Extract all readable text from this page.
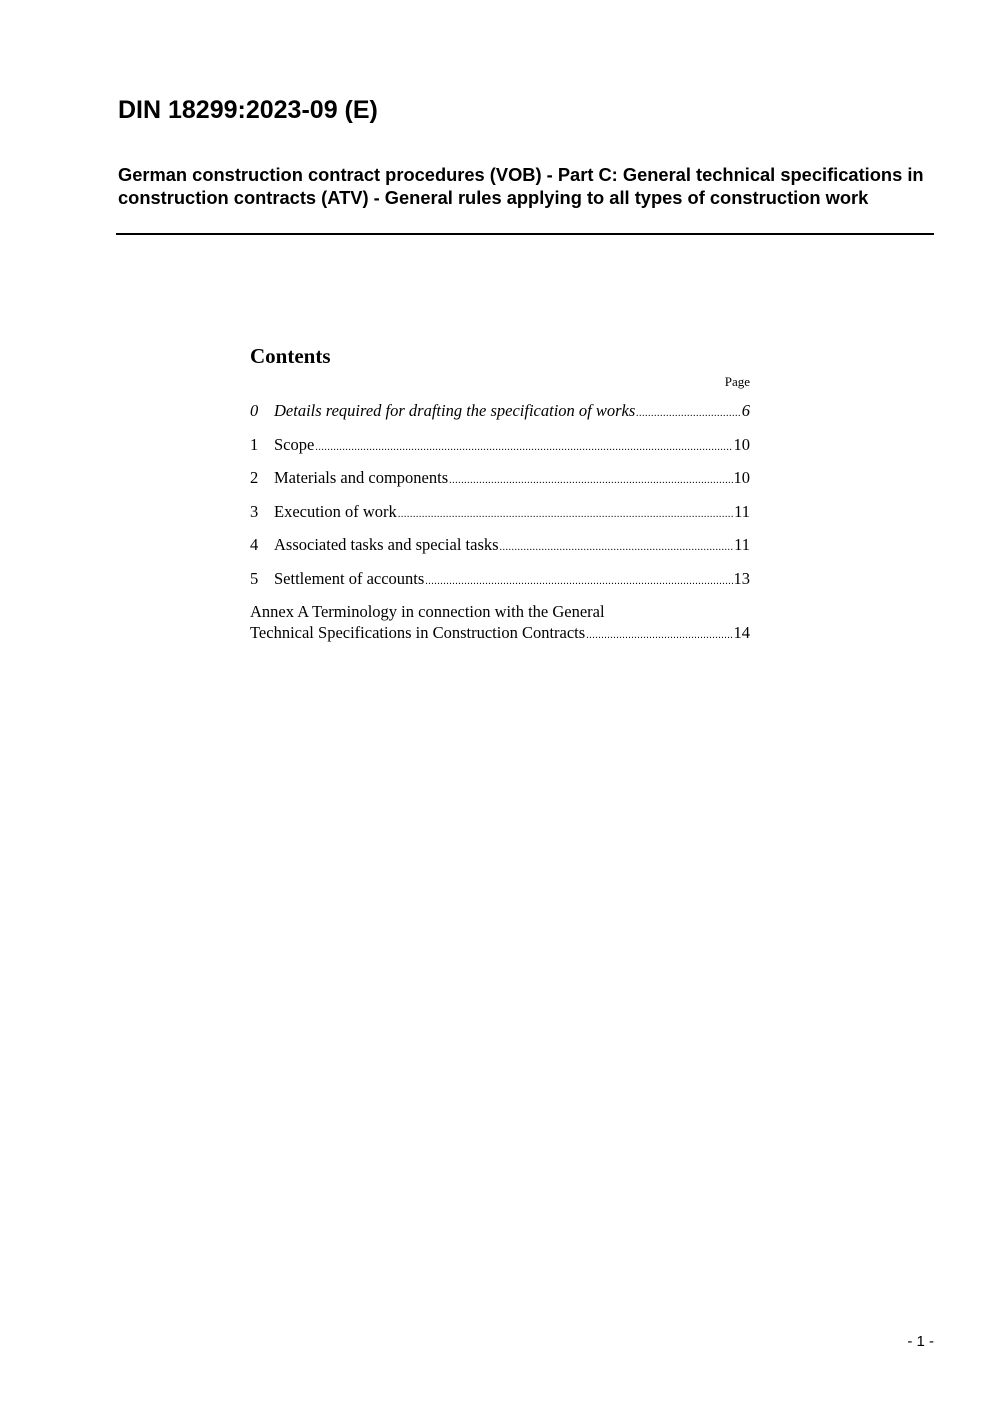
DIN 18299:2023-09 (E)
German construction contract procedures (VOB) - Part C: General technical specifications in construction contracts (ATV) - General rules applying to all types of construction work
Contents
Page
0 Details required for drafting the specification of works .....	6
1 Scope .....	10
2 Materials and components .....	10
3 Execution of work .....	11
4 Associated tasks and special tasks .....	11
5 Settlement of accounts .....	13
Annex A Terminology in connection with the General
Technical Specifications in Construction Contracts .....	14
- 1 -
